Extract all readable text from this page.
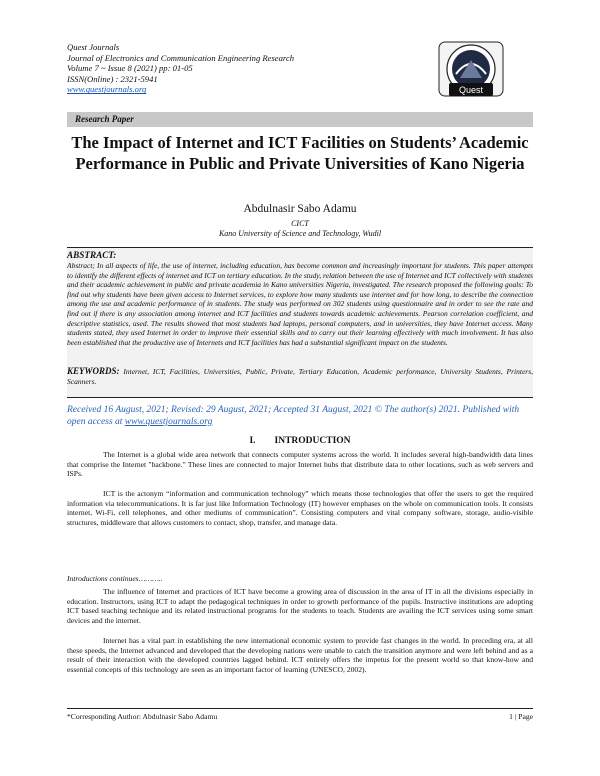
Quest Journals
Journal of Electronics and Communication Engineering Research
Volume 7 ~ Issue 8 (2021) pp: 01-05
ISSN(Online) : 2321-5941
www.questjournals.org	Quest
Research Paper
The Impact of Internet and ICT Facilities on Students’ Academic Performance in Public and Private Universities of Kano Nigeria
Abdulnasir Sabo Adamu
CICT
Kano University of Science and Technology, Wudil
ABSTRACT:
Abstract; In all aspects of life, the use of internet, including education, has become common and increasingly important for students. This paper attempts to identify the different effects of internet and ICT on tertiary education. In the study, relation between the use of Internet and ICT collectively with students and their academic achievement in public and private academia in Kano universities Nigeria, investigated. The research proposed the following goals: To find out why students have been given access to Internet services, to explore how many students use internet and for how long, to describe the connection among the use and academic performance of in students. The study was performed on 302 students using questionnaire and in order to see the rate and find out if there is any association among internet and ICT facilities and students towards academic achievements. Pearson correlation coefficient, and descriptive statistics, used. The results showed that most students had laptops, personal computers, and in universities, they have Internet access. Many students stated, they used Internet in order to improve their essential skills and to carry out their learning effectively with much involvement. It has also been established that the productive use of Internets and ICT facilities has had a substantial significant impact on the students.
KEYWORDS: Internet, ICT, Facilities, Universities, Public, Private, Tertiary Education, Academic performance, University Students, Printers, Scanners.
Received 16 August, 2021; Revised: 29 August, 2021; Accepted 31 August, 2021 © The author(s) 2021. Published with open access at www.questjournals.org
I.  INTRODUCTION
The Internet is a global wide area network that connects computer systems across the world. It includes several high-bandwidth data lines that comprise the Internet "backbone." These lines are connected to major Internet hubs that distribute data to other locations, such as web servers and ISPs.
ICT is the actonym “information and communication technology” which means those technologies that offer the users to get the required information via telecommunications. It is far just like Information Technology (IT) however emphases on the whole on communication tools. It consists internet, Wi-Fi, cell telephones, and other mediums of communication”. Consisting computers and vital company software, storage, audio-visible structures, middleware that allows customers to contact, shop, transfer, and manage data.
Introductions continues………..
The influence of Internet and practices of ICT have become a growing area of discussion in the area of IT in all the divisions especially in education. Instructors, using ICT to adapt the pedagogical techniques in order to growth performance of the pupils. Instructive institutions are adopting ICT based teaching technique and its related instructional programs for the students to teach. Students are availing the ICT services using some smart devices and the internet.
Internet has a vital part in establishing the new international economic system to provide fast changes in the world. In preceding era, at all these speeds, the Internet advanced and developed that the developing nations were unable to catch the transition anymore and were left behind and as a result of their interaction with the developed countries lagged behind. ICT entirely offers the impetus for the present world so that know-how and essential concepts of this technology are seen as an important factor of learning (UNESCO, 2002).
*Corresponding Author: Abdulnasir Sabo Adamu	1 | Page
